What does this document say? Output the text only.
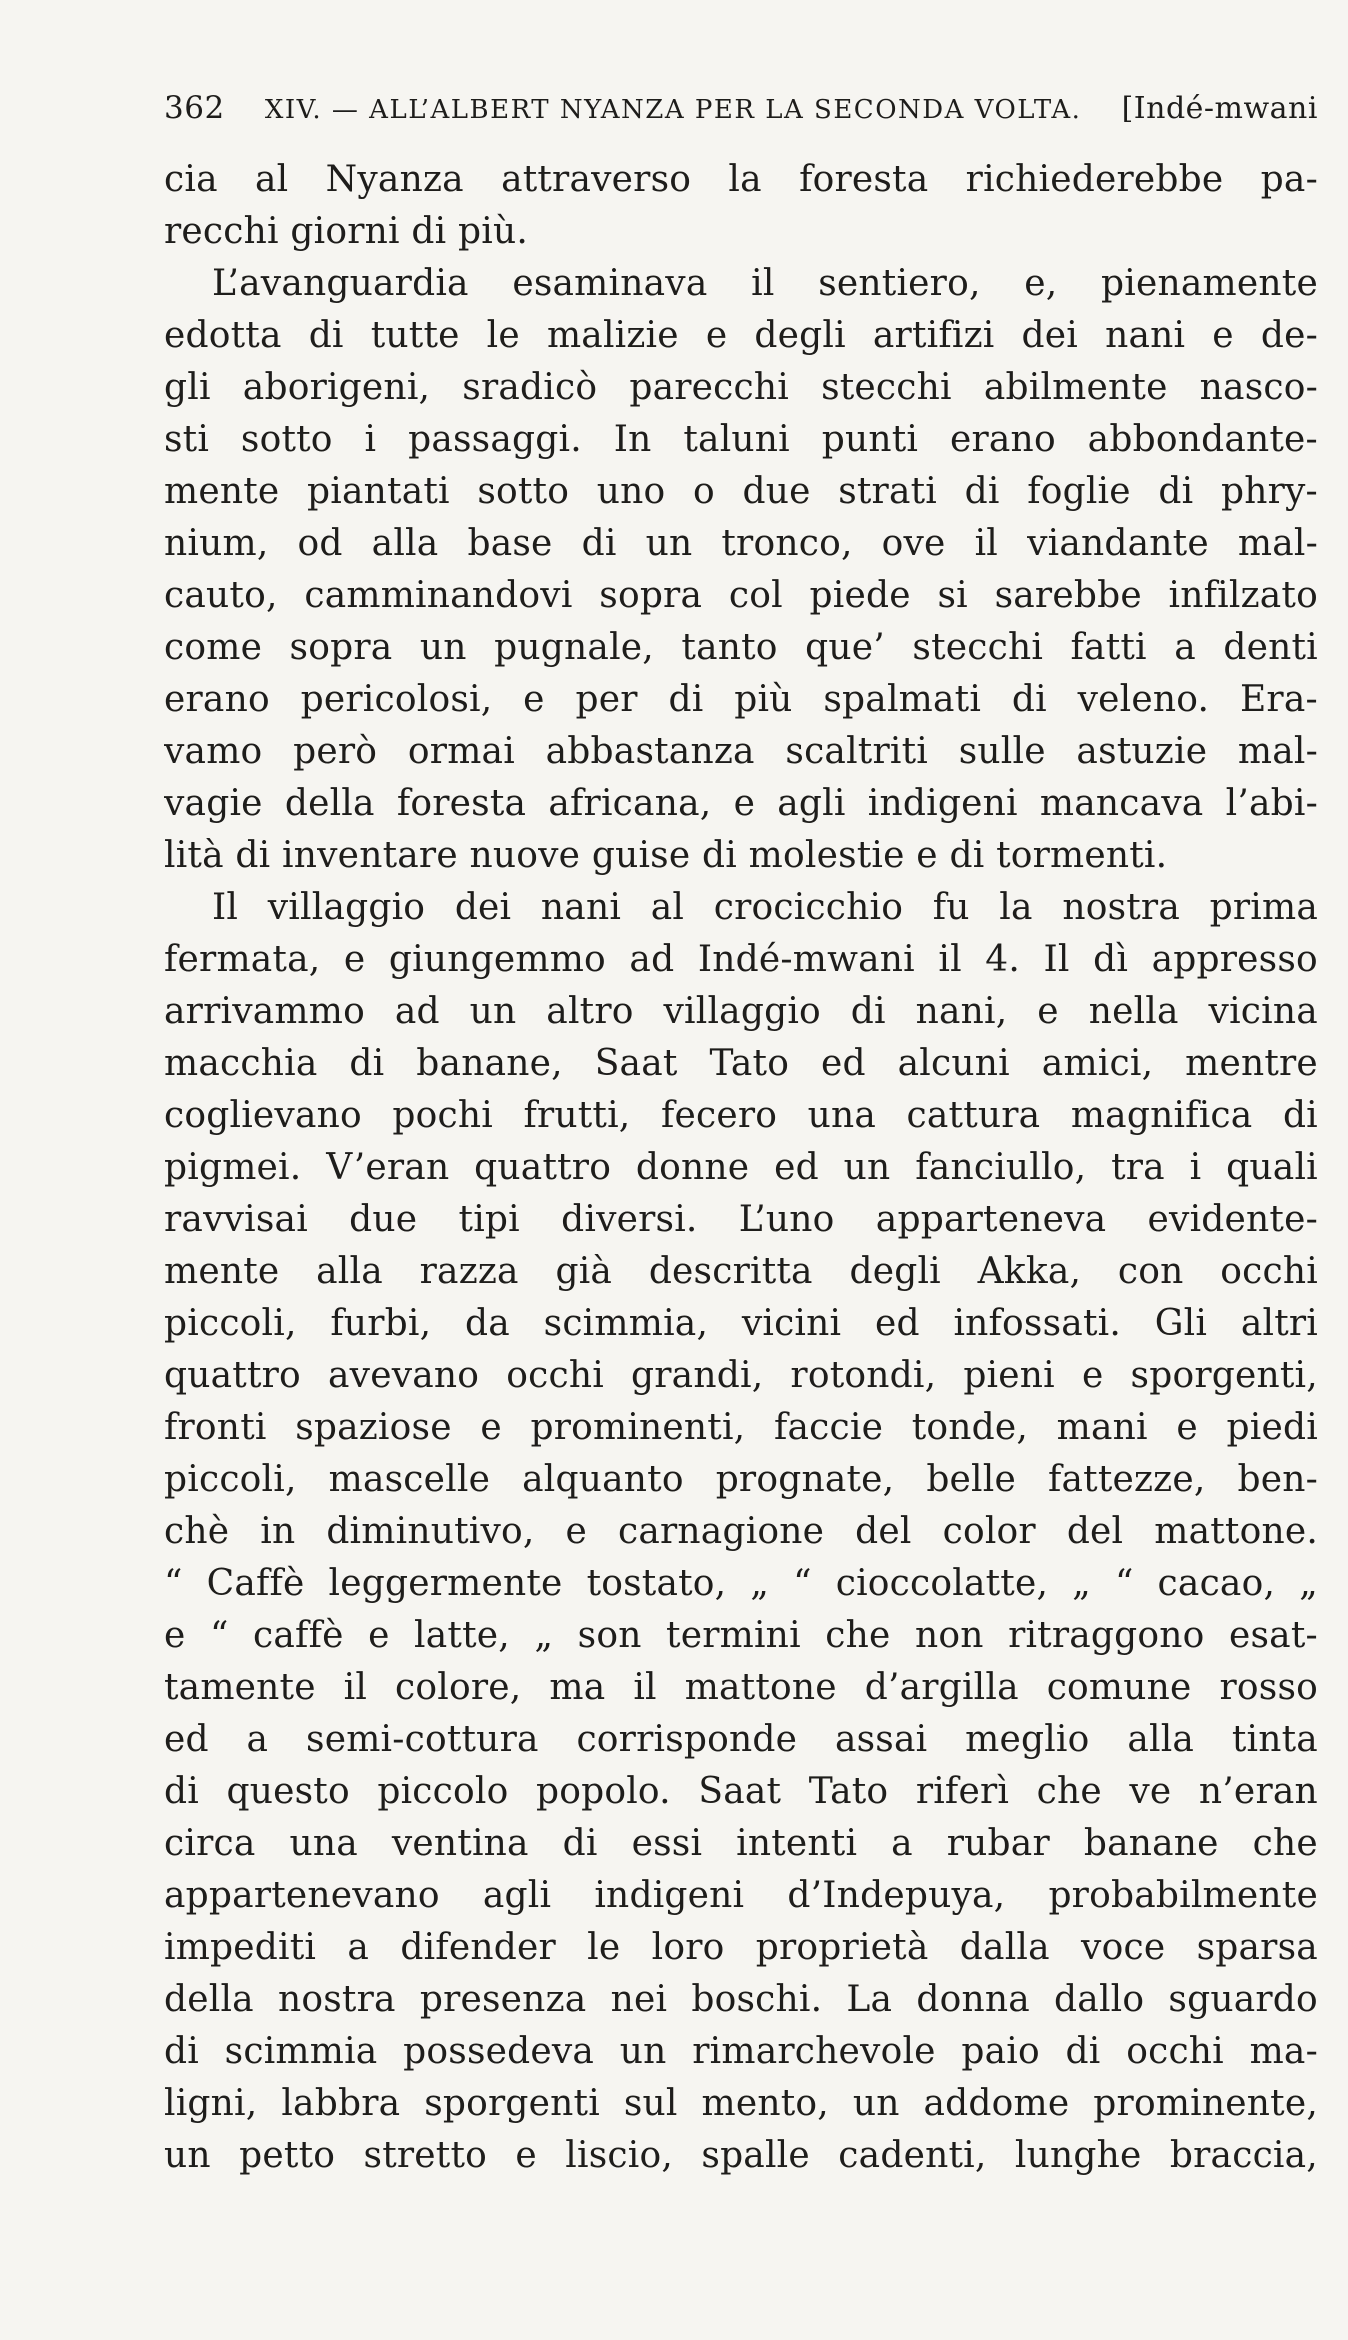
362 XIV. — ALL’ALBERT NYANZA PER LA SECONDA VOLTA. [Indé-mwani
cia al Nyanza attraverso la foresta richiederebbe pa-
recchi
giorni
di
più.
L’avanguardia esaminava il sentiero, e, pienamente
edotta di tutte le malizie e degli artifizi dei nani e de-
gli aborigeni, sradicò parecchi stecchi abilmente nasco-
sti sotto i passaggi. In taluni punti erano abbondante-
mente piantati sotto uno o due strati di foglie di phry-
nium, od alla base di un tronco, ove il viandante mal-
cauto, camminandovi sopra col piede si sarebbe infilzato
come sopra un pugnale, tanto que’ stecchi fatti a denti
erano pericolosi, e per di più spalmati di veleno. Era-
vamo però ormai abbastanza scaltriti sulle astuzie mal-
vagie della foresta africana, e agli indigeni mancava l’abi-
lità
di
inventare
nuove
guise
di
molestie
e
di
tormenti.
Il villaggio dei nani al crocicchio fu la nostra prima
fermata, e giungemmo ad Indé-mwani il 4. Il dì appresso
arrivammo ad un altro villaggio di nani, e nella vicina
macchia di banane, Saat Tato ed alcuni amici, mentre
coglievano pochi frutti, fecero una cattura magnifica di
pigmei. V’eran quattro donne ed un fanciullo, tra i quali
ravvisai due tipi diversi. L’uno apparteneva evidente-
mente alla razza già descritta degli Akka, con occhi
piccoli, furbi, da scimmia, vicini ed infossati. Gli altri
quattro avevano occhi grandi, rotondi, pieni e sporgenti,
fronti spaziose e prominenti, faccie tonde, mani e piedi
piccoli, mascelle alquanto prognate, belle fattezze, ben-
chè in diminutivo, e carnagione del color del mattone.
“ Caffè leggermente tostato, „ “ cioccolatte, „ “ cacao, „
e “ caffè e latte, „ son termini che non ritraggono esat-
tamente il colore, ma il mattone d’argilla comune rosso
ed a semi-cottura corrisponde assai meglio alla tinta
di questo piccolo popolo. Saat Tato riferì che ve n’eran
circa una ventina di essi intenti a rubar banane che
appartenevano agli indigeni d’Indepuya, probabilmente
impediti a difender le loro proprietà dalla voce sparsa
della nostra presenza nei boschi. La donna dallo sguardo
di scimmia possedeva un rimarchevole paio di occhi ma-
ligni, labbra sporgenti sul mento, un addome prominente,
un petto stretto e liscio, spalle cadenti, lunghe braccia,
